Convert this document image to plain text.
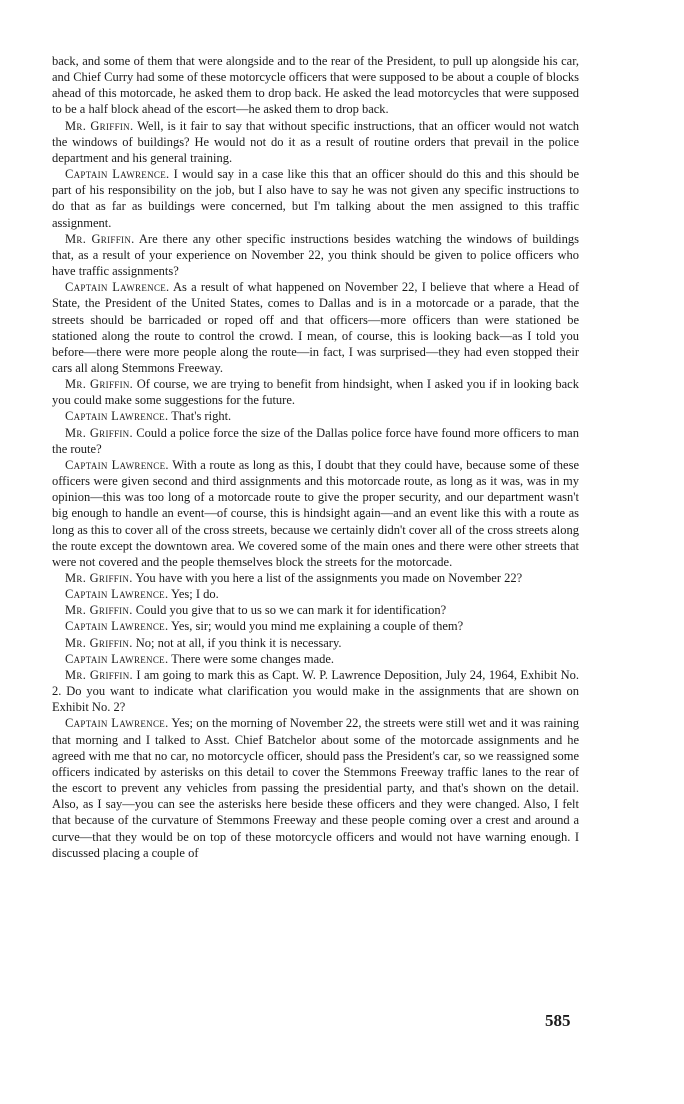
back, and some of them that were alongside and to the rear of the President, to pull up alongside his car, and Chief Curry had some of these motorcycle officers that were supposed to be about a couple of blocks ahead of this motorcade, he asked them to drop back. He asked the lead motorcycles that were supposed to be a half block ahead of the escort—he asked them to drop back.

Mr. Griffin. Well, is it fair to say that without specific instructions, that an officer would not watch the windows of buildings? He would not do it as a result of routine orders that prevail in the police department and his general training.

Captain Lawrence. I would say in a case like this that an officer should do this and this should be part of his responsibility on the job, but I also have to say he was not given any specific instructions to do that as far as buildings were concerned, but I'm talking about the men assigned to this traffic assignment.

Mr. Griffin. Are there any other specific instructions besides watching the windows of buildings that, as a result of your experience on November 22, you think should be given to police officers who have traffic assignments?

Captain Lawrence. As a result of what happened on November 22, I believe that where a Head of State, the President of the United States, comes to Dallas and is in a motorcade or a parade, that the streets should be barricaded or roped off and that officers—more officers than were stationed be stationed along the route to control the crowd. I mean, of course, this is looking back—as I told you before—there were more people along the route—in fact, I was surprised—they had even stopped their cars all along Stemmons Freeway.

Mr. Griffin. Of course, we are trying to benefit from hindsight, when I asked you if in looking back you could make some suggestions for the future.

Captain Lawrence. That's right.

Mr. Griffin. Could a police force the size of the Dallas police force have found more officers to man the route?

Captain Lawrence. With a route as long as this, I doubt that they could have, because some of these officers were given second and third assignments and this motorcade route, as long as it was, was in my opinion—this was too long of a motorcade route to give the proper security, and our department wasn't big enough to handle an event—of course, this is hindsight again—and an event like this with a route as long as this to cover all of the cross streets, because we certainly didn't cover all of the cross streets along the route except the downtown area. We covered some of the main ones and there were other streets that were not covered and the people themselves block the streets for the motorcade.

Mr. Griffin. You have with you here a list of the assignments you made on November 22?

Captain Lawrence. Yes; I do.

Mr. Griffin. Could you give that to us so we can mark it for identification?

Captain Lawrence. Yes, sir; would you mind me explaining a couple of them?

Mr. Griffin. No; not at all, if you think it is necessary.

Captain Lawrence. There were some changes made.

Mr. Griffin. I am going to mark this as Capt. W. P. Lawrence Deposition, July 24, 1964, Exhibit No. 2. Do you want to indicate what clarification you would make in the assignments that are shown on Exhibit No. 2?

Captain Lawrence. Yes; on the morning of November 22, the streets were still wet and it was raining that morning and I talked to Asst. Chief Batchelor about some of the motorcade assignments and he agreed with me that no car, no motorcycle officer, should pass the President's car, so we reassigned some officers indicated by asterisks on this detail to cover the Stemmons Freeway traffic lanes to the rear of the escort to prevent any vehicles from passing the presidential party, and that's shown on the detail. Also, as I say—you can see the asterisks here beside these officers and they were changed. Also, I felt that because of the curvature of Stemmons Freeway and these people coming over a crest and around a curve—that they would be on top of these motorcycle officers and would not have warning enough. I discussed placing a couple of

585
